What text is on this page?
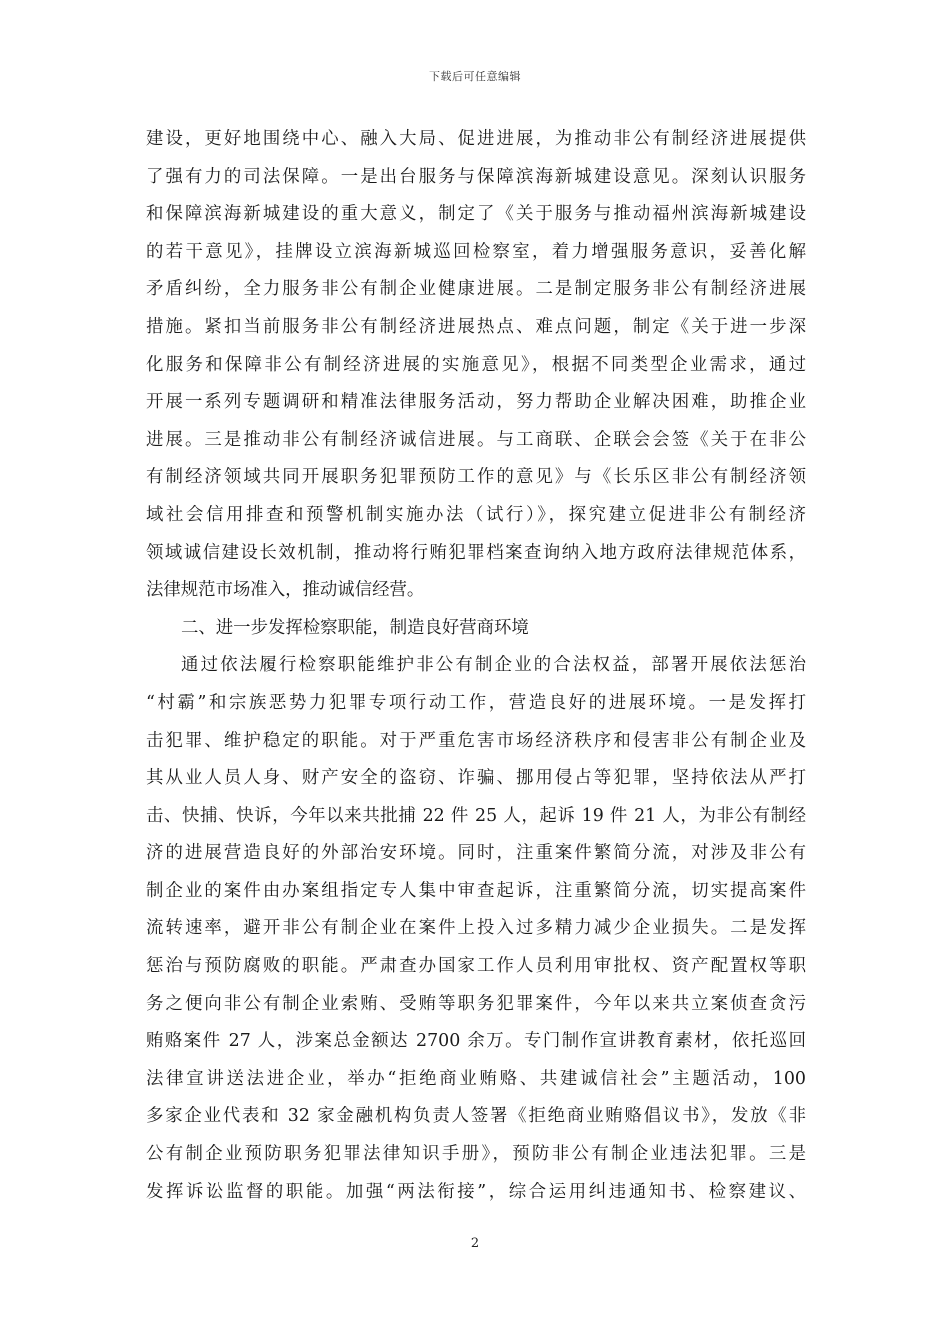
下载后可任意编辑
建设，更好地围绕中心、融入大局、促进进展，为推动非公有制经济进展提供
了强有力的司法保障。一是出台服务与保障滨海新城建设意见。深刻认识服务
和保障滨海新城建设的重大意义，制定了《关于服务与推动福州滨海新城建设
的若干意见》，挂牌设立滨海新城巡回检察室，着力增强服务意识，妥善化解
矛盾纠纷，全力服务非公有制企业健康进展。二是制定服务非公有制经济进展
措施。紧扣当前服务非公有制经济进展热点、难点问题，制定《关于进一步深
化服务和保障非公有制经济进展的实施意见》，根据不同类型企业需求，通过
开展一系列专题调研和精准法律服务活动，努力帮助企业解决困难，助推企业
进展。三是推动非公有制经济诚信进展。与工商联、企联会会签《关于在非公
有制经济领域共同开展职务犯罪预防工作的意见》与《长乐区非公有制经济领
域社会信用排查和预警机制实施办法（试行）》，探究建立促进非公有制经济
领域诚信建设长效机制，推动将行贿犯罪档案查询纳入地方政府法律规范体系，
法律规范市场准入，推动诚信经营。
二、进一步发挥检察职能，制造良好营商环境
通过依法履行检察职能维护非公有制企业的合法权益，部署开展依法惩治
“村霸”和宗族恶势力犯罪专项行动工作，营造良好的进展环境。一是发挥打
击犯罪、维护稳定的职能。对于严重危害市场经济秩序和侵害非公有制企业及
其从业人员人身、财产安全的盗窃、诈骗、挪用侵占等犯罪，坚持依法从严打
击、快捕、快诉，今年以来共批捕 22 件 25 人，起诉 19 件 21 人，为非公有制经
济的进展营造良好的外部治安环境。同时，注重案件繁简分流，对涉及非公有
制企业的案件由办案组指定专人集中审查起诉，注重繁简分流，切实提高案件
流转速率，避开非公有制企业在案件上投入过多精力减少企业损失。二是发挥
惩治与预防腐败的职能。严肃查办国家工作人员利用审批权、资产配置权等职
务之便向非公有制企业索贿、受贿等职务犯罪案件，今年以来共立案侦查贪污
贿赂案件 27 人，涉案总金额达 2700 余万。专门制作宣讲教育素材，依托巡回
法律宣讲送法进企业，举办“拒绝商业贿赂、共建诚信社会”主题活动，100
多家企业代表和 32 家金融机构负责人签署《拒绝商业贿赂倡议书》，发放《非
公有制企业预防职务犯罪法律知识手册》，预防非公有制企业违法犯罪。三是
发挥诉讼监督的职能。加强“两法衔接”，综合运用纠违通知书、检察建议、
2
